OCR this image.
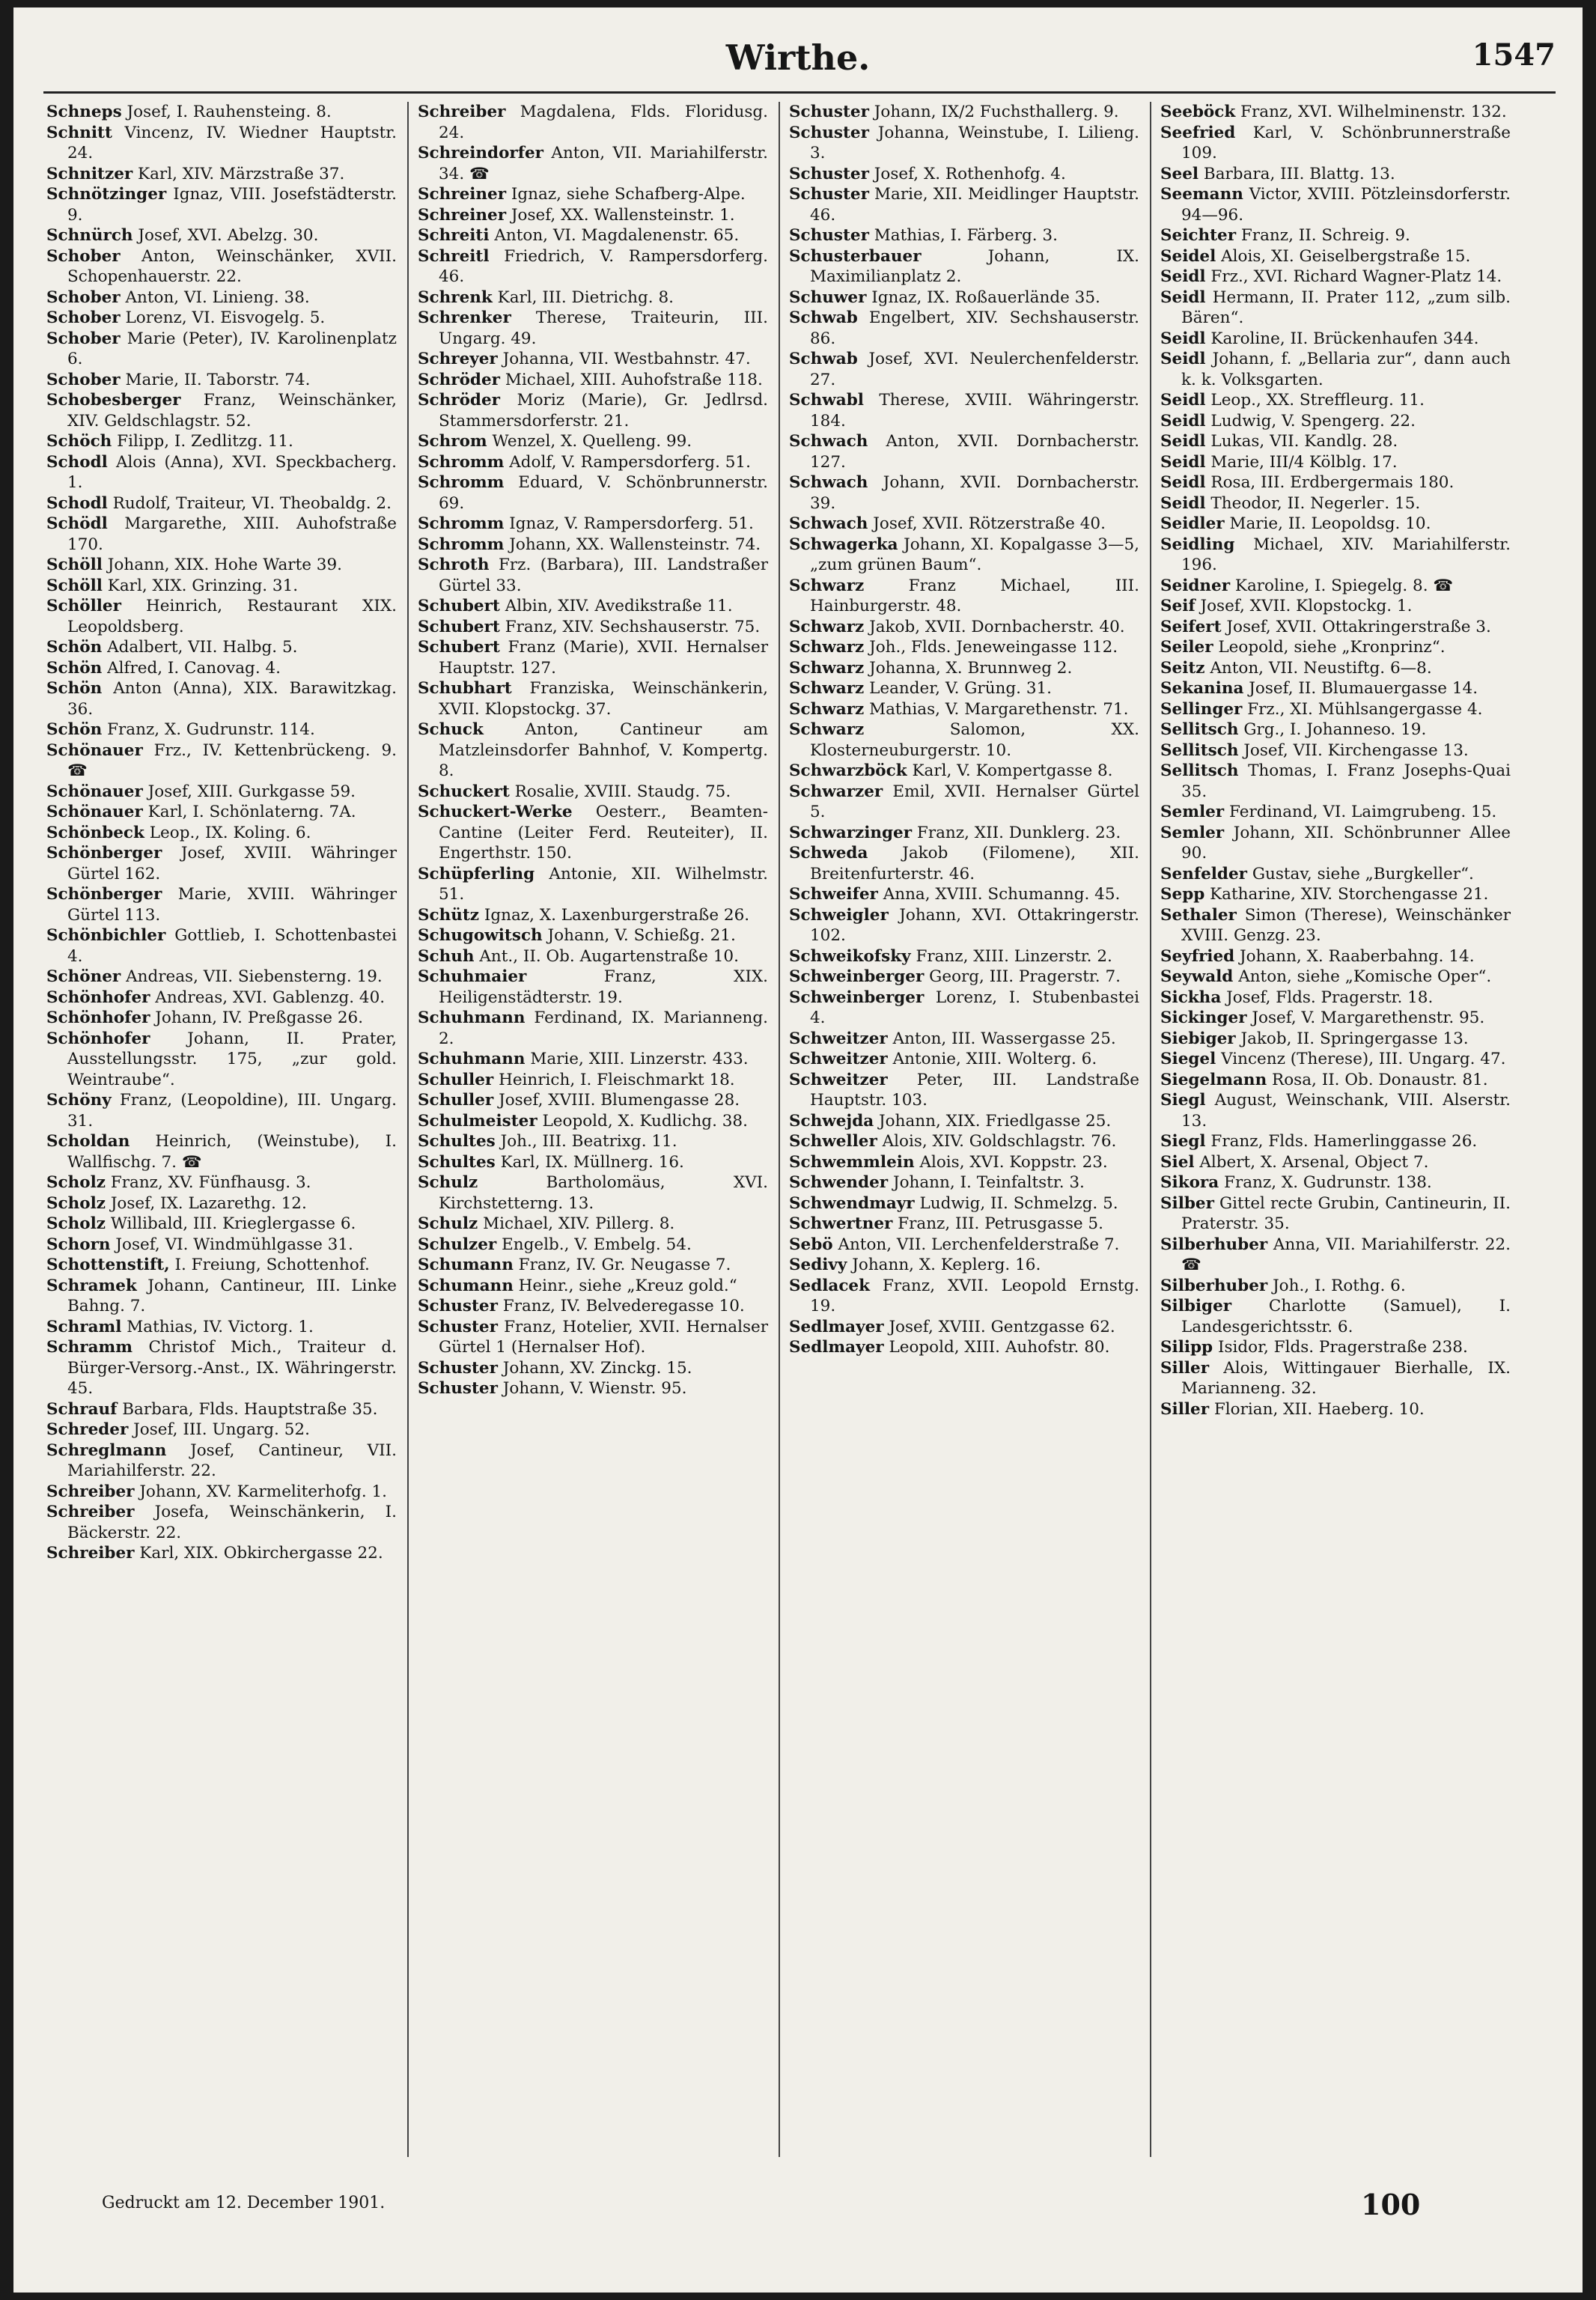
Wirthe.	1547
Schneps Josef, I. Rauhensteing. 8.
Schnitt Vincenz, IV. Wiedner Hauptstr. 24.
Schnitzer Karl, XIV. Märzstraße 37.
Schnötzinger Ignaz, VIII. Josefstädterstr. 9.
Schnürch Josef, XVI. Abelzg. 30.
Schober Anton, Weinschänker, XVII. Schopenhauerstr. 22.
Schober Anton, VI. Linieng. 38.
Schober Lorenz, VI. Eisvogelg. 5.
Schober Marie (Peter), IV. Karolinenplatz 6.
Schober Marie, II. Taborstr. 74.
Schobesberger Franz, Weinschänker, XIV. Geldschlagstr. 52.
Schöch Filipp, I. Zedlitzg. 11.
Schodl Alois (Anna), XVI. Speckbacherg. 1.
Schodl Rudolf, Traiteur, VI. Theobaldg. 2.
Schödl Margarethe, XIII. Auhofstraße 170.
Schöll Johann, XIX. Hohe Warte 39.
Schöll Karl, XIX. Grinzing. 31.
Schöller Heinrich, Restaurant XIX. Leopoldsberg.
Schön Adalbert, VII. Halbg. 5.
Schön Alfred, I. Canovag. 4.
Schön Anton (Anna), XIX. Barawitzkag. 36.
Schön Franz, X. Gudrunstr. 114.
Schönauer Frz., IV. Kettenbrückeng. 9. ☎
Schönauer Josef, XIII. Gurkgasse 59.
Schönauer Karl, I. Schönlaterng. 7A.
Schönbeck Leop., IX. Koling. 6.
Schönberger Josef, XVIII. Währinger Gürtel 162.
Schönberger Marie, XVIII. Währinger Gürtel 113.
Schönbichler Gottlieb, I. Schottenbastei 4.
Schöner Andreas, VII. Siebensterng. 19.
Schönhofer Andreas, XVI. Gablenzg. 40.
Schönhofer Johann, IV. Preßgasse 26.
Schönhofer Johann, II. Prater, Ausstellungsstr. 175, „zur gold. Weintraube“.
Schöny Franz, (Leopoldine), III. Ungarg. 31.
Scholdan Heinrich, (Weinstube), I. Wallfischg. 7. ☎
Scholz Franz, XV. Fünfhausg. 3.
Scholz Josef, IX. Lazarethg. 12.
Scholz Willibald, III. Krieglergasse 6.
Schorn Josef, VI. Windmühlgasse 31.
Schottenstift, I. Freiung, Schottenhof.
Schramek Johann, Cantineur, III. Linke Bahng. 7.
Schraml Mathias, IV. Victorg. 1.
Schramm Christof Mich., Traiteur d. Bürger-Versorg.-Anst., IX. Währingerstr. 45.
Schrauf Barbara, Flds. Hauptstraße 35.
Schreder Josef, III. Ungarg. 52.
Schreglmann Josef, Cantineur, VII. Mariahilferstr. 22.
Schreiber Johann, XV. Karmeliterhofg. 1.
Schreiber Josefa, Weinschänkerin, I. Bäckerstr. 22.
Schreiber Karl, XIX. Obkirchergasse 22.
Schreiber Magdalena, Flds. Floridusg. 24.
Schreindorfer Anton, VII. Mariahilferstr. 34. ☎
Schreiner Ignaz, siehe Schafberg-Alpe.
Schreiner Josef, XX. Wallensteinstr. 1.
Schreiti Anton, VI. Magdalenenstr. 65.
Schreitl Friedrich, V. Rampersdorferg. 46.
Schrenk Karl, III. Dietrichg. 8.
Schrenker Therese, Traiteurin, III. Ungarg. 49.
Schreyer Johanna, VII. Westbahnstr. 47.
Schröder Michael, XIII. Auhofstraße 118.
Schröder Moriz (Marie), Gr. Jedlrsd. Stammersdorferstr. 21.
Schrom Wenzel, X. Quelleng. 99.
Schromm Adolf, V. Rampersdorferg. 51.
Schromm Eduard, V. Schönbrunnerstr. 69.
Schromm Ignaz, V. Rampersdorferg. 51.
Schromm Johann, XX. Wallensteinstr. 74.
Schroth Frz. (Barbara), III. Landstraßer Gürtel 33.
Schubert Albin, XIV. Avedikstraße 11.
Schubert Franz, XIV. Sechshauserstr. 75.
Schubert Franz (Marie), XVII. Hernalser Hauptstr. 127.
Schubhart Franziska, Weinschänkerin, XVII. Klopstockg. 37.
Schuck	Anton, Cantineur am Matzleinsdorfer Bahnhof, V. Kompertg. 8.
Schuckert Rosalie, XVIII. Staudg. 75.
Schuckert-Werke Oesterr., Beamten-Cantine (Leiter Ferd. Reuteiter), II. Engerthstr. 150.
Schüpferling Antonie, XII. Wilhelmstr. 51.
Schütz Ignaz, X. Laxenburgerstraße 26.
Schugowitsch Johann, V. Schießg. 21.
Schuh Ant., II. Ob. Augartenstraße 10.
Schuhmaier	Franz, XIX. Heiligenstädterstr. 19.
Schuhmann Ferdinand, IX. Marianneng. 2.
Schuhmann Marie, XIII. Linzerstr. 433.
Schuller Heinrich, I. Fleischmarkt 18.
Schuller Josef, XVIII. Blumengasse 28.
Schulmeister Leopold, X. Kudlichg. 38.
Schultes Joh., III. Beatrixg. 11.
Schultes Karl, IX. Müllnerg. 16.
Schulz	Bartholomäus, XVI. Kirchstetterng. 13.
Schulz Michael, XIV. Pillerg. 8.
Schulzer Engelb., V. Embelg. 54.
Schumann Franz, IV. Gr. Neugasse 7.
Schumann Heinr., siehe „Kreuz gold.“
Schuster Franz, IV. Belvederegasse 10.
Schuster Franz, Hotelier, XVII. Hernalser Gürtel 1 (Hernalser Hof).
Schuster Johann, XV. Zinckg. 15.
Schuster Johann, V. Wienstr. 95.
Schuster Johann, IX/2 Fuchsthallerg. 9.
Schuster Johanna, Weinstube, I. Lilieng. 3.
Schuster Josef, X. Rothenhofg. 4.
Schuster Marie, XII. Meidlinger Hauptstr. 46.
Schuster Mathias, I. Färberg. 3.
Schusterbauer	Johann, IX. Maximilianplatz 2.
Schuwer Ignaz, IX. Roßauerlände 35.
Schwab Engelbert, XIV. Sechshauserstr. 86.
Schwab Josef, XVI. Neulerchenfelderstr. 27.
Schwabl Therese, XVIII. Währingerstr. 184.
Schwach Anton, XVII. Dornbacherstr. 127.
Schwach Johann, XVII. Dornbacherstr. 39.
Schwach Josef, XVII. Rötzerstraße 40.
Schwagerka Johann, XI. Kopalgasse 3—5, „zum grünen Baum“.
Schwarz	Franz Michael, III. Hainburgerstr. 48.
Schwarz Jakob, XVII. Dornbacherstr. 40.
Schwarz Joh., Flds. Jeneweingasse 112.
Schwarz Johanna, X. Brunnweg 2.
Schwarz Leander, V. Grüng. 31.
Schwarz Mathias, V. Margarethenstr. 71.
Schwarz	Salomon, XX. Klosterneuburgerstr. 10.
Schwarzböck Karl, V. Kompertgasse 8.
Schwarzer Emil, XVII. Hernalser Gürtel 5.
Schwarzinger Franz, XII. Dunklerg. 23.
Schweda Jakob (Filomene), XII. Breitenfurterstr. 46.
Schweifer Anna, XVIII. Schumanng. 45.
Schweigler Johann, XVI. Ottakringerstr. 102.
Schweikofsky Franz, XIII. Linzerstr. 2.
Schweinberger Georg, III. Pragerstr. 7.
Schweinberger Lorenz, I. Stubenbastei 4.
Schweitzer Anton, III. Wassergasse 25.
Schweitzer Antonie, XIII. Wolterg. 6.
Schweitzer Peter, III. Landstraße Hauptstr. 103.
Schwejda Johann, XIX. Friedlgasse 25.
Schweller Alois, XIV. Goldschlagstr. 76.
Schwemmlein Alois, XVI. Koppstr. 23.
Schwender Johann, I. Teinfaltstr. 3.
Schwendmayr Ludwig, II. Schmelzg. 5.
Schwertner Franz, III. Petrusgasse 5.
Sebö Anton, VII. Lerchenfelderstraße 7.
Sedivy Johann, X. Keplerg. 16.
Sedlacek Franz, XVII. Leopold Ernstg. 19.
Sedlmayer Josef, XVIII. Gentzgasse 62.
Sedlmayer Leopold, XIII. Auhofstr. 80.
Seeböck Franz, XVI. Wilhelminenstr. 132.
Seefried Karl, V. Schönbrunnerstraße 109.
Seel Barbara, III. Blattg. 13.
Seemann Victor, XVIII. Pötzleinsdorferstr. 94—96.
Seichter Franz, II. Schreig. 9.
Seidel Alois, XI. Geiselbergstraße 15.
Seidl Frz., XVI. Richard Wagner-Platz 14.
Seidl Hermann, II. Prater 112, „zum silb. Bären“.
Seidl Karoline, II. Brückenhaufen 344.
Seidl Johann, f. „Bellaria zur“, dann auch k. k. Volksgarten.
Seidl Leop., XX. Streffleurg. 11.
Seidl Ludwig, V. Spengerg. 22.
Seidl Lukas, VII. Kandlg. 28.
Seidl Marie, III/4 Kölblg. 17.
Seidl Rosa, III. Erdbergermais 180.
Seidl Theodor, II. Negerlег. 15.
Seidler Marie, II. Leopoldsg. 10.
Seidling Michael, XIV. Mariahilferstr. 196.
Seidner Karoline, I. Spiegelg. 8. ☎
Seif Josef, XVII. Klopstockg. 1.
Seifert Josef, XVII. Ottakringerstraße 3.
Seiler Leopold, siehe „Kronprinz“.
Seitz Anton, VII. Neustiftg. 6—8.
Sekanina Josef, II. Blumauergasse 14.
Sellinger Frz., XI. Mühlsangergasse 4.
Sellitsch Grg., I. Johanneso. 19.
Sellitsch Josef, VII. Kirchengasse 13.
Sellitsch Thomas, I. Franz Josephs-Quai 35.
Semler Ferdinand, VI. Laimgrubeng. 15.
Semler Johann, XII. Schönbrunner Allee 90.
Senfelder Gustav, siehe „Burgkeller“.
Sepp Katharine, XIV. Storchengasse 21.
Sethaler Simon (Therese), Weinschänker XVIII. Genzg. 23.
Seyfried Johann, X. Raaberbahng. 14.
Seywald Anton, siehe „Komische Oper“.
Sickha Josef, Flds. Pragerstr. 18.
Sickinger Josef, V. Margarethenstr. 95.
Siebiger Jakob, II. Springergasse 13.
Siegel Vincenz (Therese), III. Ungarg. 47.
Siegelmann Rosa, II. Ob. Donaustr. 81.
Siegl August, Weinschank, VIII. Alserstr. 13.
Siegl Franz, Flds. Hamerlinggasse 26.
Siel Albert, X. Arsenal, Object 7.
Sikora Franz, X. Gudrunstr. 138.
Silber Gittel recte Grubin, Cantineurin, II. Praterstr. 35.
Silberhuber Anna, VII. Mariahilferstr. 22. ☎
Silberhuber Joh., I. Rothg. 6.
Silbiger Charlotte (Samuel), I. Landesgerichtsstr. 6.
Silipp Isidor, Flds. Pragerstraße 238.
Siller Alois, Wittingauer Bierhalle, IX. Marianneng. 32.
Siller Florian, XII. Haeberg. 10.
Gedruckt am 12. December 1901.	100
